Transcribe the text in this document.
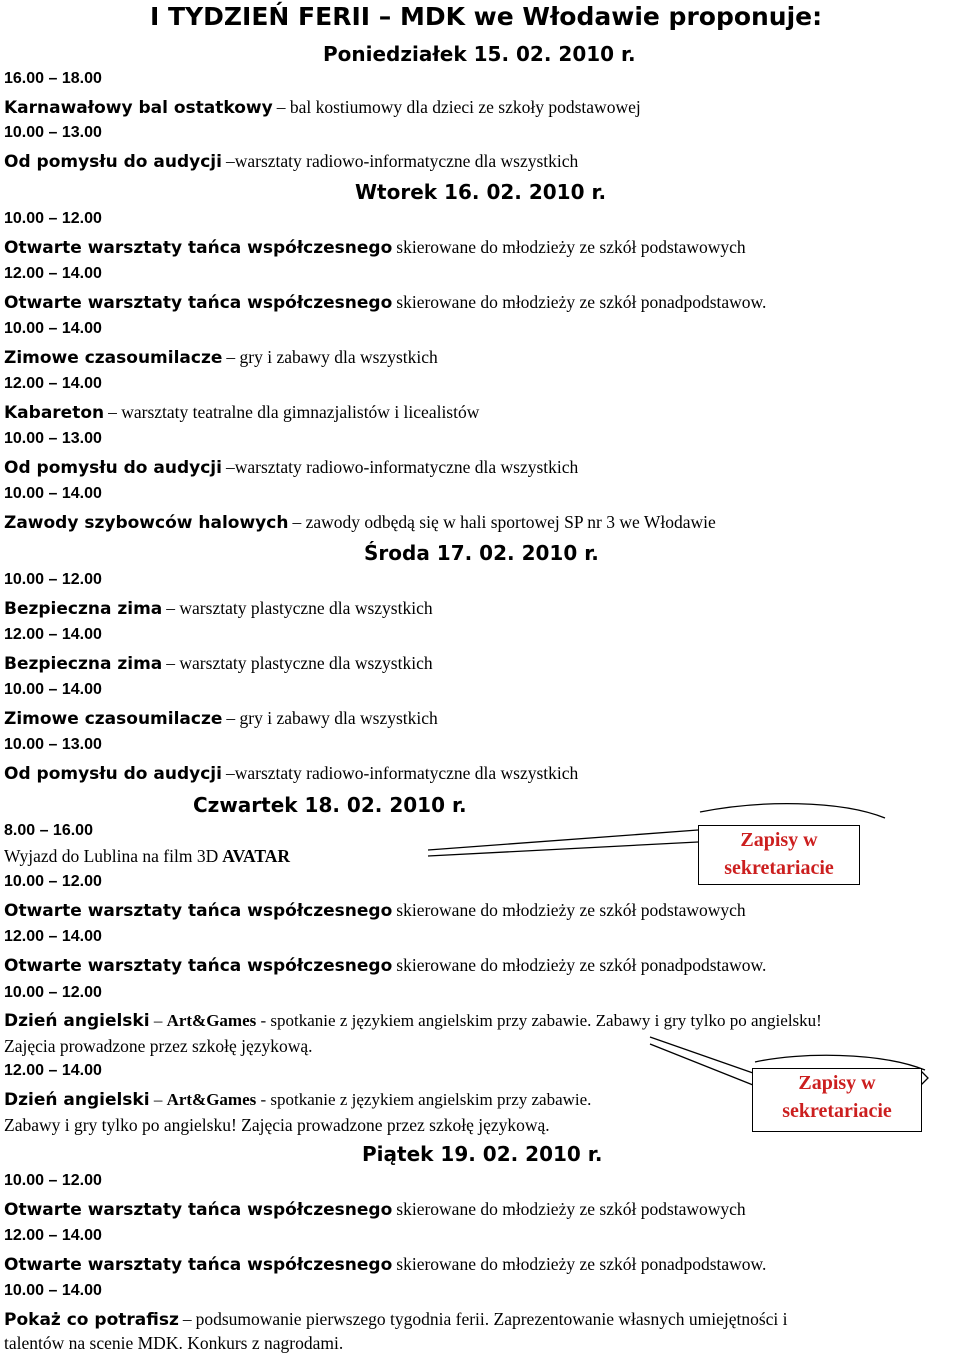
I TYDZIEŃ FERII – MDK we Włodawie proponuje:
Poniedziałek 15. 02. 2010 r.
16.00 – 18.00
Karnawałowy bal ostatkowy – bal kostiumowy dla dzieci ze szkoły podstawowej
10.00 – 13.00
Od pomysłu do audycji –warsztaty radiowo-informatyczne dla wszystkich
Wtorek 16. 02. 2010 r.
10.00 – 12.00
Otwarte warsztaty tańca współczesnego skierowane do młodzieży ze szkół podstawowych
12.00 – 14.00
Otwarte warsztaty tańca współczesnego skierowane do młodzieży ze szkół ponadpodstawow.
10.00 – 14.00
Zimowe czasoumilacze – gry i zabawy dla wszystkich
12.00 – 14.00
Kabareton – warsztaty teatralne dla gimnazjalistów i licealistów
10.00 – 13.00
Od pomysłu do audycji –warsztaty radiowo-informatyczne dla wszystkich
10.00 – 14.00
Zawody szybowców halowych – zawody odbędą się w hali sportowej SP nr 3 we Włodawie
Środa 17. 02. 2010 r.
10.00 – 12.00
Bezpieczna zima – warsztaty plastyczne dla wszystkich
12.00 – 14.00
Bezpieczna zima – warsztaty plastyczne dla wszystkich
10.00 – 14.00
Zimowe czasoumilacze – gry i zabawy dla wszystkich
10.00 – 13.00
Od pomysłu do audycji –warsztaty radiowo-informatyczne dla wszystkich
Czwartek 18. 02. 2010 r.
8.00 – 16.00
Wyjazd do Lublina na film 3D AVATAR
10.00 – 12.00
Otwarte warsztaty tańca współczesnego skierowane do młodzieży ze szkół podstawowych
12.00 – 14.00
Otwarte warsztaty tańca współczesnego skierowane do młodzieży ze szkół ponadpodstawow.
10.00 – 12.00
Dzień angielski – Art&Games - spotkanie z językiem angielskim przy zabawie. Zabawy i gry tylko po angielsku!
Zajęcia prowadzone przez szkołę językową.
12.00 – 14.00
Dzień angielski – Art&Games - spotkanie z językiem angielskim przy zabawie.
Zabawy i gry tylko po angielsku! Zajęcia prowadzone przez szkołę językową.
Piątek 19. 02. 2010 r.
10.00 – 12.00
Otwarte warsztaty tańca współczesnego skierowane do młodzieży ze szkół podstawowych
12.00 – 14.00
Otwarte warsztaty tańca współczesnego skierowane do młodzieży ze szkół ponadpodstawow.
10.00 – 14.00
Pokaż co potrafisz – podsumowanie pierwszego tygodnia ferii. Zaprezentowanie własnych umiejętności i
talentów na scenie MDK. Konkurs z nagrodami.
Zapisy w
sekretariacie
Zapisy w
sekretariacie
